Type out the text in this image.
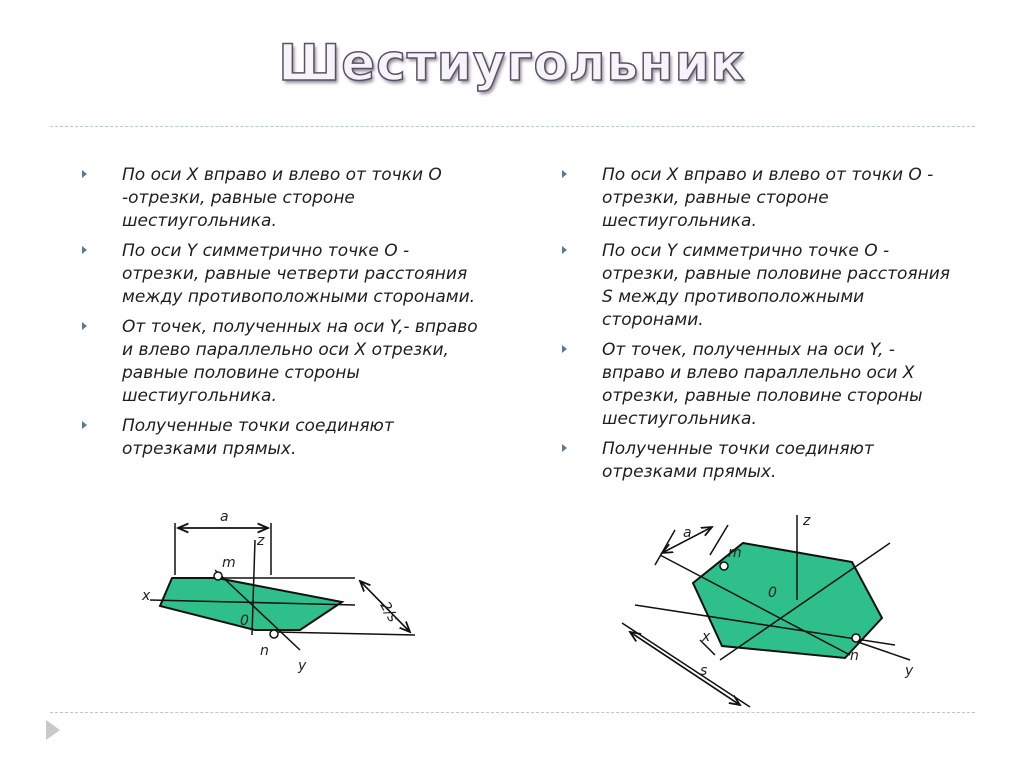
Шестиугольник
По оси Х вправо и влево от точки О -отрезки, равные стороне шестиугольника.
По оси Y симметрично точке О - отрезки, равные четверти расстояния между противоположными сторонами.
От точек, полученных на оси Y,- вправо и влево параллельно оси Х отрезки, равные половине стороны шестиугольника.
Полученные точки соединяют отрезками прямых.
По оси Х вправо и влево от точки О - отрезки, равные стороне шестиугольника.
По оси Y симметрично точке О - отрезки, равные половине расстояния S между противоположными сторонами.
От точек, полученных на оси Y, - вправо и влево параллельно оси Х отрезки, равные половине стороны шестиугольника.
Полученные точки соединяют отрезками прямых.
a
z
m
x
0
n
y
2/s
a
z
m
0
x
n
y
s
